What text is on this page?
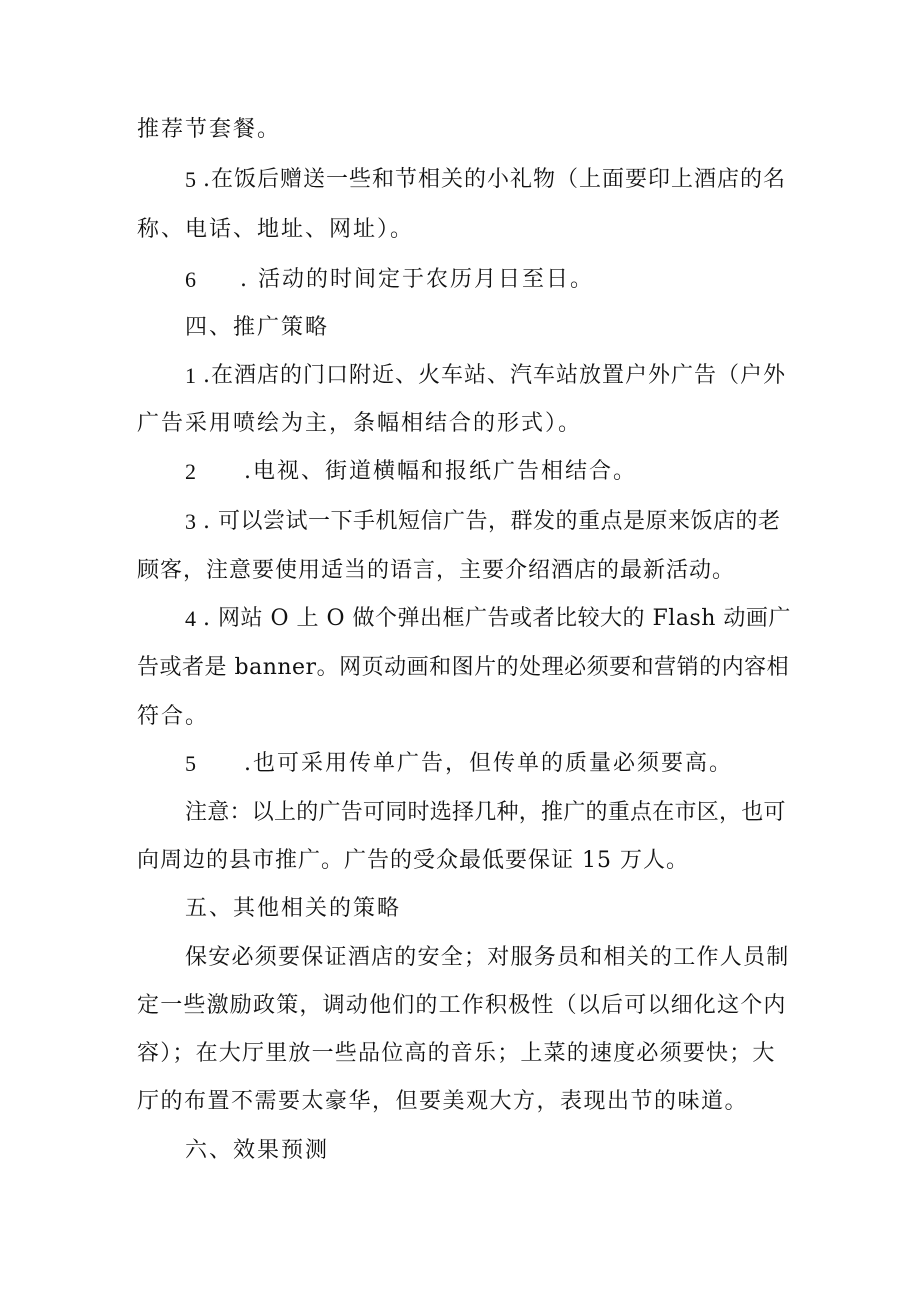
推荐节套餐。
5 .在饭后赠送一些和节相关的小礼物（上面要印上酒店的名
称、电话、地址、网址）。
6 . 活动的时间定于农历月日至日。
四、推广策略
1 .在酒店的门口附近、火车站、汽车站放置户外广告（户外
广告采用喷绘为主，条幅相结合的形式）。
2 .电视、街道横幅和报纸广告相结合。
3 . 可以尝试一下手机短信广告，群发的重点是原来饭店的老
顾客，注意要使用适当的语言，主要介绍酒店的最新活动。
4 . 网站 O 上 O 做个弹出框广告或者比较大的 Flash 动画广
告或者是 banner。网页动画和图片的处理必须要和营销的内容相
符合。
5 .也可采用传单广告，但传单的质量必须要高。
注意：以上的广告可同时选择几种，推广的重点在市区，也可
向周边的县市推广。广告的受众最低要保证 15 万人。
五、其他相关的策略
保安必须要保证酒店的安全；对服务员和相关的工作人员制
定一些激励政策，调动他们的工作积极性（以后可以细化这个内
容）；在大厅里放一些品位高的音乐；上菜的速度必须要快；大
厅的布置不需要太豪华，但要美观大方，表现出节的味道。
六、效果预测
